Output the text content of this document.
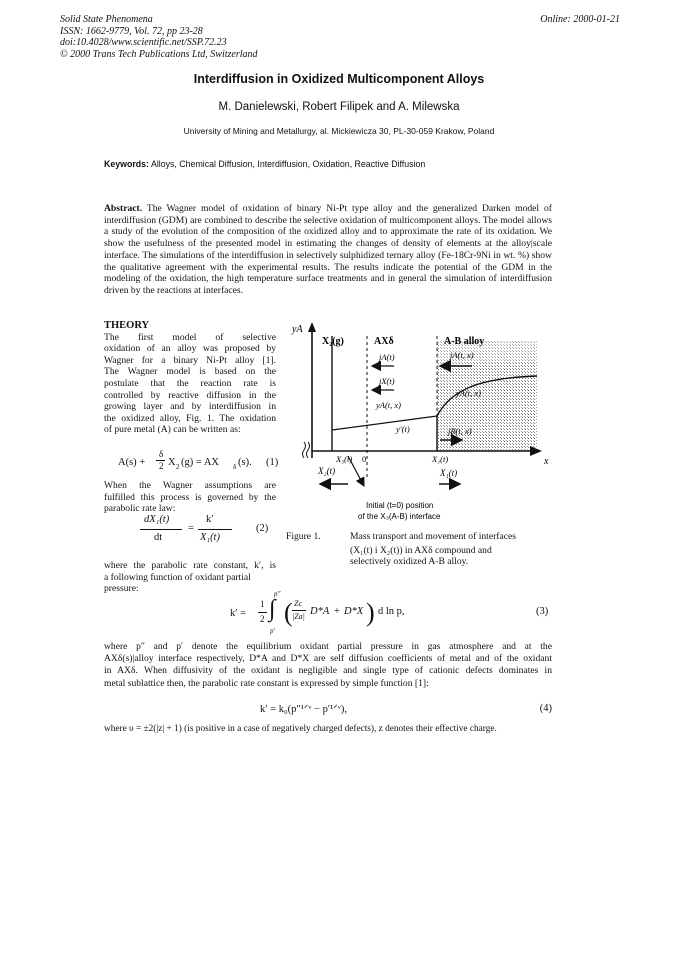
Solid State Phenomena
ISSN: 1662-9779, Vol. 72, pp 23-28
doi:10.4028/www.scientific.net/SSP.72.23
© 2000 Trans Tech Publications Ltd, Switzerland
Online: 2000-01-21
Interdiffusion in Oxidized Multicomponent Alloys
M. Danielewski, Robert Filipek and A. Milewska
University of Mining and Metallurgy, al. Mickiewicza 30, PL-30-059 Krakow, Poland
Keywords: Alloys, Chemical Diffusion, Interdiffusion, Oxidation, Reactive Diffusion
Abstract. The Wagner model of oxidation of binary Ni-Pt type alloy and the generalized Darken model of interdiffusion (GDM) are combined to describe the selective oxidation of multicomponent alloys. The model allows a study of the evolution of the composition of the oxidized alloy and to approximate the rate of its oxidation. We show the usefulness of the presented model in estimating the changes of density of elements at the alloy|scale interface. The simulations of the interdiffusion in selectively sulphidized ternary alloy (Fe-18Cr-9Ni in wt. %) show the qualitative agreement with the experimental results. The results indicate the potential of the GDM in the modeling of the oxidation, the high temperature surface treatments and in general the simulation of interdiffusion driven by the reactions at interfaces.
THEORY
The first model of selective
oxidation of an alloy was proposed by
Wagner for a binary Ni-Pt alloy [1].
The Wagner model is based on the
postulate that the reaction rate is
controlled by reactive diffusion in the
growing layer and by interdiffusion in
the oxidized alloy, Fig. 1. The oxidation
of pure metal (A) can be written as:
A(s) +
δ
2 X 2 (g) = AX δ (s). (1)
When the Wagner assumptions are
fulfilled this process is governed by the
parabolic rate law:
dX₁(t)
dt
=
k′
X₁(t)
(2)
where the parabolic rate constant, k′, is
a following function of oxidant partial
pressure:
yA
x
X₂(g)	AXδ	A-B alloy
jA(t)
jX(t)
yA(t, x)
y′(t)
jA(t, x)
yA(t, x)
jB(t, x)
X₃(t) 0	X₁(t)
X₂(t)	X₁(t)
Initial (t=0) position
of the X₃(A-B) interface
Figure 1.	Mass transport and movement of interfaces
(X₁(t) i X₂(t)) in AXδ compound and
selectively oxidized A-B alloy.
k′ =
1
2 ∫
p″
p′
( Zc
|Za| D*A + D*X ) d ln p,	(3)
where p″ and p′ denote the equilibrium oxidant partial pressure in gas atmosphere and at the
AXδ(s)|alloy interface respectively, D*A and D*X are self diffusion coefficients of metal and of the oxidant
in AXδ. When diffusivity of the oxidant is negligible and single type of cationic defects dominates in
metal sublattice then, the parabolic rate constant is expressed by simple function [1]:
k′ = k₀(p″¹ᐟᵛ − p′¹ᐟᵛ),	(4)
where υ = ±2(|z| + 1) (is positive in a case of negatively charged defects), z denotes their effective charge.
